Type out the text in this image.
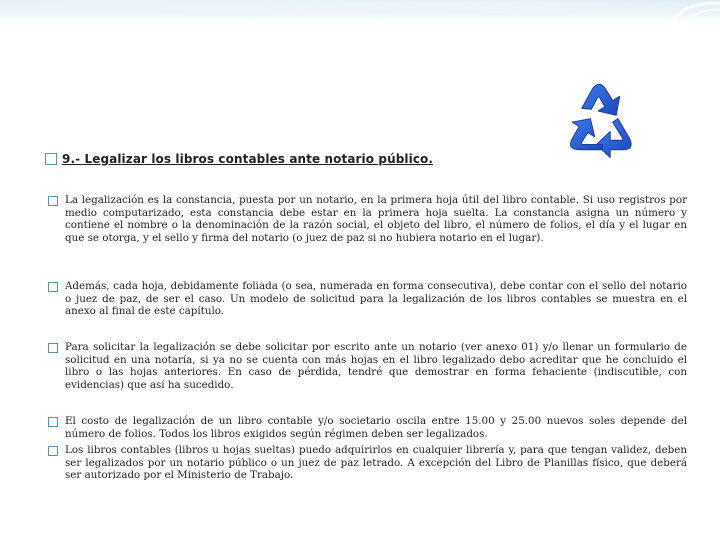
9.- Legalizar los libros contables ante notario público.
La legalización es la constancia, puesta por un notario, en la primera hoja útil del libro contable. Si uso registros por medio computarizado, esta constancia debe estar en la primera hoja suelta. La constancia asigna un número y contiene el nombre o la denominación de la razón social, el objeto del libro, el número de folios, el día y el lugar en que se otorga, y el sello y firma del notario (o juez de paz si no hubiera notario en el lugar).
Además, cada hoja, debidamente foliada (o sea, numerada en forma consecutiva), debe contar con el sello del notario o juez de paz, de ser el caso. Un modelo de solicitud para la legalización de los libros contables se muestra en el anexo al final de este capítulo.
Para solicitar la legalización se debe solicitar por escrito ante un notario (ver anexo 01) y/o llenar un formulario de solicitud en una notaría, si ya no se cuenta con más hojas en el libro legalizado debo acreditar que he concluido el libro o las hojas anteriores. En caso de pérdida, tendré que demostrar en forma fehaciente (indiscutible, con evidencias) que así ha sucedido.
El costo de legalización de un libro contable y/o societario oscila entre 15.00 y 25.00 nuevos soles depende del número de folios. Todos los libros exigidos según régimen deben ser legalizados.
Los libros contables (libros u hojas sueltas) puedo adquirirlos en cualquier librería y, para que tengan validez, deben ser legalizados por un notario público o un juez de paz letrado. A excepción del Libro de Planillas físico, que deberá ser autorizado por el Ministerio de Trabajo.
